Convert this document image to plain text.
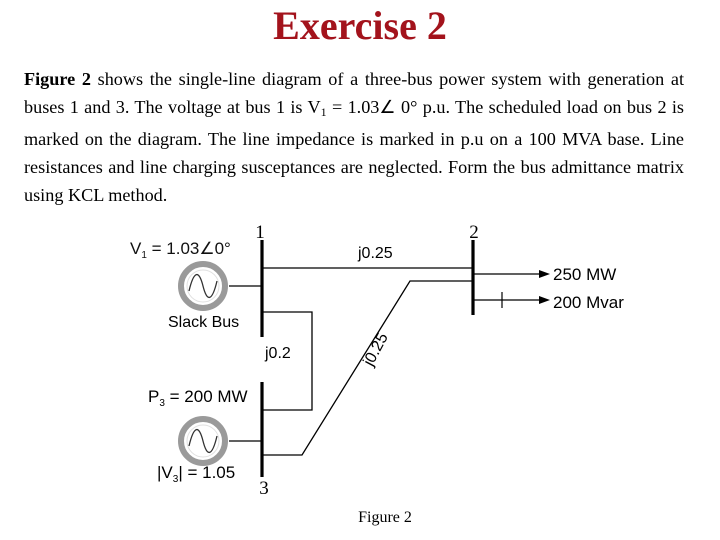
Exercise 2

Figure 2 shows the single-line diagram of a three-bus power system with generation at buses 1 and 3. The voltage at bus 1 is $V_1$ = 1.03∠ 0° p.u. The scheduled load on bus 2 is marked on the diagram. The line impedance is marked in p.u on a 100 MVA base. Line resistances and line charging susceptances are neglected. Form the bus admittance matrix using KCL method.

1	2
3
$V_1$ = 1.03∠0°
Slack Bus
$P_3 = 200$ MW
$|V_3| = 1.05$
j0.25
j0.2	j0.25
250 MW
200 Mvar
Figure 2
